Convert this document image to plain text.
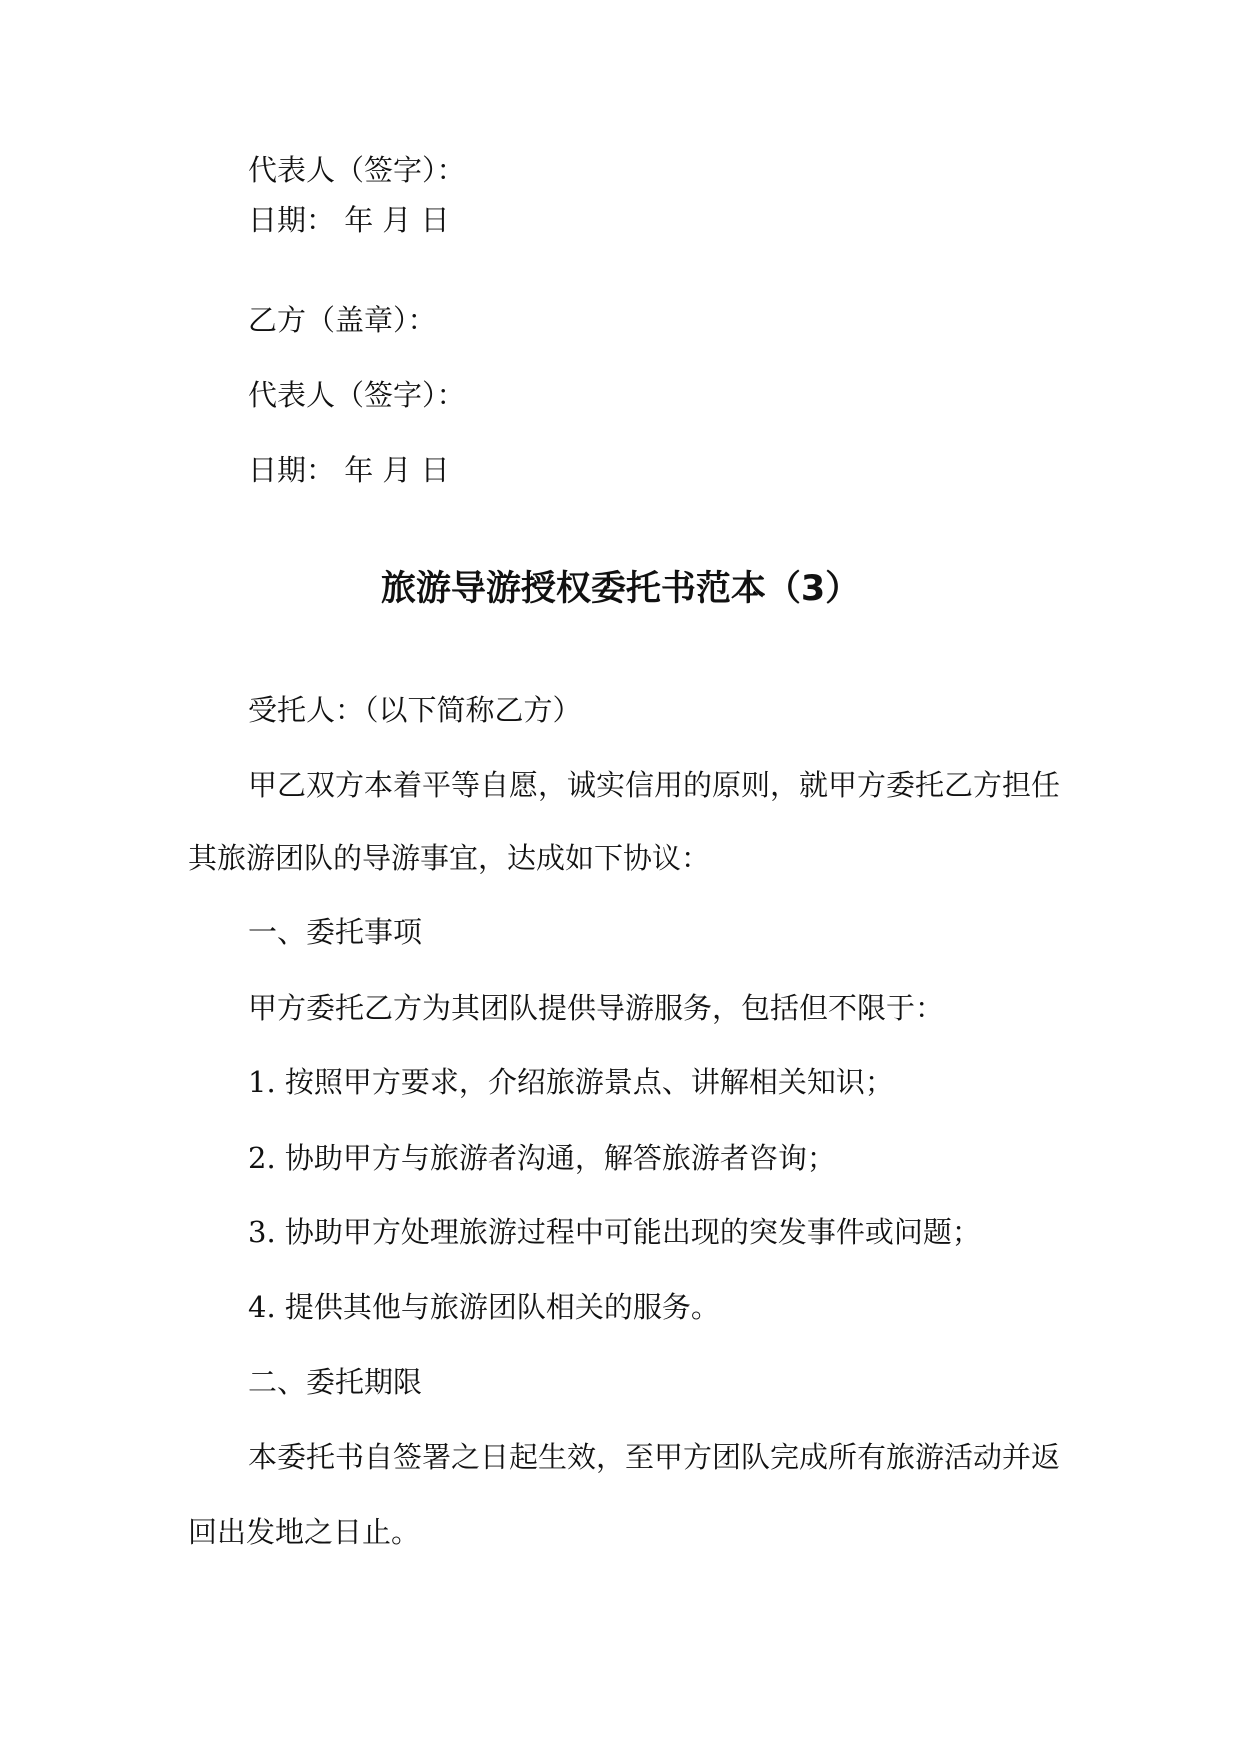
代表人（签字）：
日期： 年 月 日
乙方（盖章）：
代表人（签字）：
日期： 年 月 日
旅游导游授权委托书范本（3）
受托人：（以下简称乙方）
甲乙双方本着平等自愿，诚实信用的原则，就甲方委托乙方担任
其旅游团队的导游事宜，达成如下协议：
一、委托事项
甲方委托乙方为其团队提供导游服务，包括但不限于：
1. 按照甲方要求，介绍旅游景点、讲解相关知识；
2. 协助甲方与旅游者沟通，解答旅游者咨询；
3. 协助甲方处理旅游过程中可能出现的突发事件或问题；
4. 提供其他与旅游团队相关的服务。
二、委托期限
本委托书自签署之日起生效，至甲方团队完成所有旅游活动并返
回出发地之日止。
